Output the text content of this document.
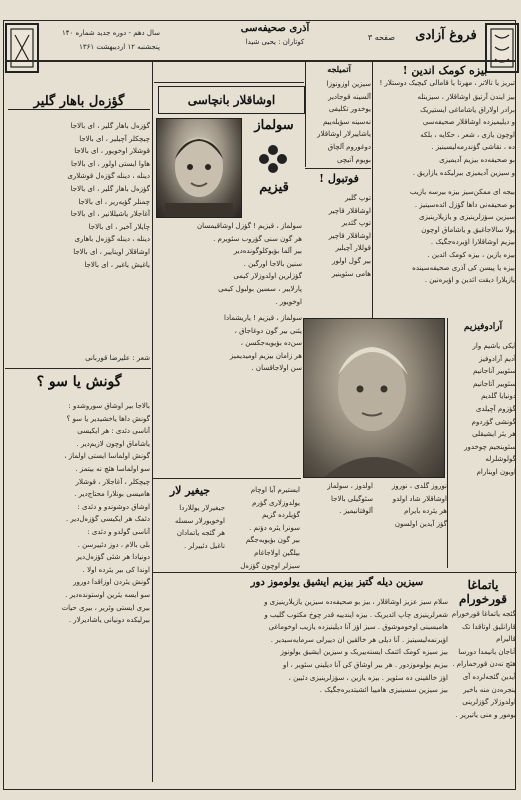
فروغ آزادی
آذری صحیفه‌سی
کوتاران : یحیی شیدا	صفحه ۳
سال دهم - دوره جدید شماره ۱۴۰
پنجشنبه ۱۲ اردیبهشت ۱۳۶۱
بیزه کومک اندین !
تبریز یا تالاتر ، مهرتا یا قامالی کیچیک دوستلار !
بیز ایندن آرتیق اوشاقلار ، سیزینله
برادر اولاراق یاشاماغی ایستیریک
و دیلیمیزده اوشاقلار صحیفه‌سی
اوچون یازی ، شعر ، حکایه ، بلکه
ده ، نقاشی گؤندرمه‌لیسینیز .
بو صحیفه‌ده بیزیم آدیمیزی
و سیزین آدیمیزی بیرلیکده یازاریق .
بیجه ای ممکن‌سیز بیزه بیرسه یازیب
بو صحیفه‌نی داها گؤزل ائده‌سینیز .
سیزین سؤزلرینیزی و یازیلارینیزی
یولا سالاجاغیق و یاشاماق اوچون
بیزیم اوشاقلارا اؤیرده‌جگیک .
بیزه یازین ، بیزه کومک ائدین .
بیزه یا پیسن کی آذری صحیفه‌سینده
یازیلارا دیقت ائدین و اؤیره‌نین .
آتمیلجه
سیزین اوزونوزا
آلسینه قوجادیر
یوخدور تکلیفی
نه‌سینه سؤیله‌ییم
یاشاییرلار اوشاقلار
دوغوروم آلچاق
بویوم آتیچی
اوشاقلار بانچاسی
سولماز
قیزیم
سولماز ، قیزیم ! گؤزل اوشاقیمسان
هر گون سنی گؤروب سئویرم .
بیر آلما بؤیوکلوگونده‌دیر
سنین بالاجا اورگین .
گؤزلرین اولدوزلار کیمی
پارلاییر ، سسین بولبول کیمی
اوخویور .
سولماز ، قیزیم ! یاریشمادا
یئنی بیر گون دوغاجاق ،
سن‌ده بؤیویه‌جکسن ،
هر زامان بیزیم اومیدیمیز
سن اولاجاقسان .
فوتبول !
توپ گلیر
اوشاقلار قاچیر
توپ گئدیر
اوشاقلار قاچیر
قوللار آچیلیر
بیر گول اولور
هامی سئوینیر
اولدوز ، سولماز
سئوگیلی بالاجا
آلوفتانیمیز .
نوروز گلدی ، نوروز
اوشاقلار شاد اولدو
هر یئرده بایرام
گؤز آیدین اولسون
آرادوفیزیم
ایکی یاشیم وار
آدیم آرادوفیز
سئوییر آناجانیم
سئوییر آتاجانیم
دونیایا گلدیم
گؤزوم آچیلدی
گونشی گؤردوم
هر یئر ایشیقلی
سئوینجیم چوخدور
گولوشلرله
اویون اوینارام
گؤزه‌ل باهار گلیر
گؤزه‌ل باهار گلیر ، ای بالاجا
چیچکلر آچیلیر ، ای بالاجا
قوشلار اوخویور ، ای بالاجا
هاوا ایستی اولور ، ای بالاجا
دینله ، دینله گؤزه‌ل قوشلاری
گؤزه‌ل باهار گلیر ، ای بالاجا
چمنلر گؤیه‌ریر ، ای بالاجا
آغاجلار یاشیللانیر ، ای بالاجا
چایلار آخیر ، ای بالاجا
دینله ، دینله گؤزه‌ل باهاری
اوشاقلار اویناییر ، ای بالاجا
یاغیش یاغیر ، ای بالاجا
شعر : علیرضا قوربانی
گونش یا سو ؟
بالاجا بیر اوشاق سوروشدو :
گونش داها یاخشیدیر یا سو ؟
آناسی دئدی : هر ایکیسی
یاشاماق اوچون لازیم‌دیر .
گونش اولماسا ایستی اولماز ،
سو اولماسا هئچ نه بیتمز .
چیچکلر ، آغاجلار ، قوشلار
هامیسی بونلارا محتاج‌دیر .
اوشاق دوشوندو و دئدی :
دئمک هر ایکیسی گؤزه‌ل‌دیر .
آناسی گولدو و دئدی :
بلی بالام ، دوز دئییرسن .
دونیادا هر شئی گؤزه‌ل‌دیر
اوندا کی بیر یئرده اولا .
گونش یئردن اوزاقدا دورور
سو ایسه یئرین اوستونده‌دیر .
بیری ایستی وئریر ، بیری حیات
بیرلیکده دونیانی یاشادیرلار .
جیغیر لار
جیغیرلار یوللاردا
اوخویورلار سسله
هر گئجه یاتمادان
ناغیل دئییرلر .
ایستیرم آیا اوچام
یولدوزلاری گؤرم
گؤیلرده گزیم
سونرا یئره دؤنم .
بیر گون بؤیویه‌جگم
بیلگین اولاجاغام
سیزلر اوچون گؤزه‌ل

سیزین دیله گتیز بیزیم ایشیق یولوموز دور
سلام سیز عزیز اوشاقلار ، بیز بو صحیفه‌ده سیزین یازیلارینیزی و
شعرلرینیزی چاپ ائدیریک . بیزه ایندییه قدر چوخ مکتوب گلیب و
هامیسینی اوخومو‌شوق . سیز اؤز آنا دیلینیزده یازیب اوخوماغی
اؤیرنمه‌لیسینیز . آنا دیلی هر خالقین ان دییرلی سرمایه‌سیدیر .
بیز سیزه کومک ائتمک ایسته‌ییریک و سیزین ایشیق یولونوز
بیزیم یولوموزدور . هر بیر اوشاق کی آنا دیلینی سئویر ، او
اؤز خالقینی ده سئویر . بیزه یازین ، سؤزلرینیزی دئیین ،
بیز سیزین سسینیزی هامییا ائشیتدیره‌جگیک .
یاتماغا قورخورام
گئجه یاتماغا قورخورام
قارانلیق اوتاقدا تک قالیرام
آناجان یانیمدا دورسا
هئچ نه‌دن قورخمارام .
آیدین گئجه‌لرده آی
پنجره‌دن منه باخیر
اولدوزلار گؤزلرینی
یومور و منی یاتیریر .
